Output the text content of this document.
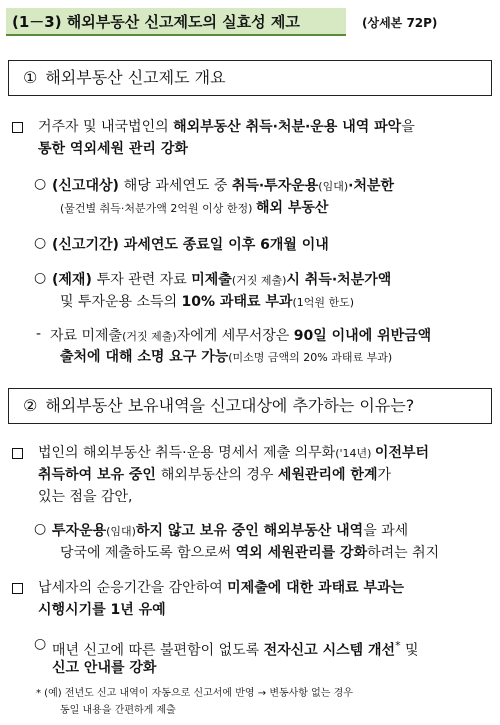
(1－3) 해외부동산 신고제도의 실효성 제고	(상세본 72P)
① 해외부동산 신고제도 개요
거주자 및 내국법인의 해외부동산 취득·처분·운용 내역 파악을
통한 역외세원 관리 강화
○ (신고대상) 해당 과세연도 중 취득·투자운용(임대)·처분한
(물건별 취득·처분가액 2억원 이상 한정) 해외 부동산
○ (신고기간) 과세연도 종료일 이후 6개월 이내
○ (제재) 투자 관련 자료 미제출(거짓 제출)시 취득·처분가액
및 투자운용 소득의 10% 과태료 부과(1억원 한도)
- 자료 미제출(거짓 제출)자에게 세무서장은 90일 이내에 위반금액
출처에 대해 소명 요구 가능(미소명 금액의 20% 과태료 부과)
② 해외부동산 보유내역을 신고대상에 추가하는 이유는?
법인의 해외부동산 취득·운용 명세서 제출 의무화('14년) 이전부터
취득하여 보유 중인 해외부동산의 경우 세원관리에 한계가
있는 점을 감안,
○ 투자운용(임대)하지 않고 보유 중인 해외부동산 내역을 과세
당국에 제출하도록 함으로써 역외 세원관리를 강화하려는 취지
납세자의 순응기간을 감안하여 미제출에 대한 과태료 부과는
시행시기를 1년 유예
○ 매년 신고에 따른 불편함이 없도록 전자신고 시스템 개선* 및
신고 안내를 강화
* (예) 전년도 신고 내역이 자동으로 신고서에 반영 → 변동사항 없는 경우
동일 내용을 간편하게 제출
